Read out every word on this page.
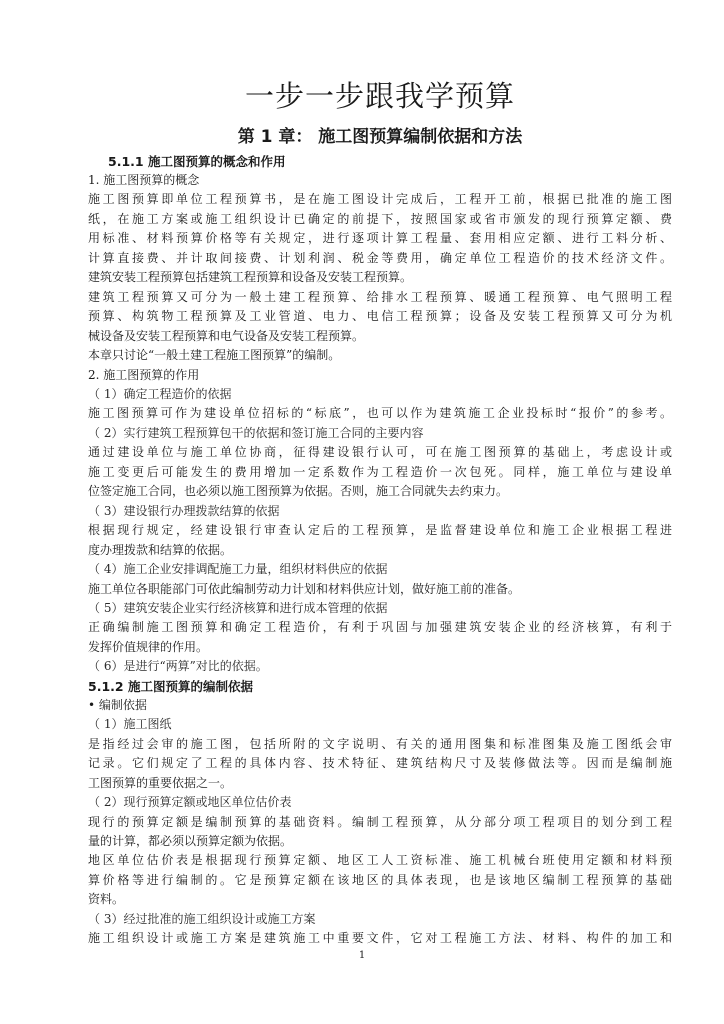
一步一步跟我学预算
第 1 章： 施工图预算编制依据和方法
5.1.1 施工图预算的概念和作用
1. 施工图预算的概念
施工图预算即单位工程预算书，是在施工图设计完成后，工程开工前，根据已批准的施工图
纸，在施工方案或施工组织设计已确定的前提下，按照国家或省市颁发的现行预算定额、费
用标准、材料预算价格等有关规定，进行逐项计算工程量、套用相应定额、进行工料分析、
计算直接费、并计取间接费、计划利润、税金等费用，确定单位工程造价的技术经济文件。
建筑安装工程预算包括建筑工程预算和设备及安装工程预算。
建筑工程预算又可分为一般土建工程预算、给排水工程预算、暖通工程预算、电气照明工程
预算、构筑物工程预算及工业管道、电力、电信工程预算；设备及安装工程预算又可分为机
械设备及安装工程预算和电气设备及安装工程预算。
本章只讨论“一般土建工程施工图预算”的编制。
2. 施工图预算的作用
（ 1）确定工程造价的依据
施工图预算可作为建设单位招标的“标底”，也可以作为建筑施工企业投标时“报价”的参考。
（ 2）实行建筑工程预算包干的依据和签订施工合同的主要内容
通过建设单位与施工单位协商，征得建设银行认可，可在施工图预算的基础上，考虑设计或
施工变更后可能发生的费用增加一定系数作为工程造价一次包死。同样，施工单位与建设单
位签定施工合同，也必须以施工图预算为依据。否则，施工合同就失去约束力。
（ 3）建设银行办理拨款结算的依据
根据现行规定，经建设银行审查认定后的工程预算，是监督建设单位和施工企业根据工程进
度办理拨款和结算的依据。
（ 4）施工企业安排调配施工力量，组织材料供应的依据
施工单位各职能部门可依此编制劳动力计划和材料供应计划，做好施工前的准备。
（ 5）建筑安装企业实行经济核算和进行成本管理的依据
正确编制施工图预算和确定工程造价，有利于巩固与加强建筑安装企业的经济核算，有利于
发挥价值规律的作用。
（ 6）是进行“两算”对比的依据。
5.1.2 施工图预算的编制依据
• 编制依据
（ 1）施工图纸
是指经过会审的施工图，包括所附的文字说明、有关的通用图集和标准图集及施工图纸会审
记录。它们规定了工程的具体内容、技术特征、建筑结构尺寸及装修做法等。因而是编制施
工图预算的重要依据之一。
（ 2）现行预算定额或地区单位估价表
现行的预算定额是编制预算的基础资料。编制工程预算，从分部分项工程项目的划分到工程
量的计算，都必须以预算定额为依据。
地区单位估价表是根据现行预算定额、地区工人工资标准、施工机械台班使用定额和材料预
算价格等进行编制的。它是预算定额在该地区的具体表现，也是该地区编制工程预算的基础
资料。
（ 3）经过批准的施工组织设计或施工方案
施工组织设计或施工方案是建筑施工中重要文件，它对工程施工方法、材料、构件的加工和
1
